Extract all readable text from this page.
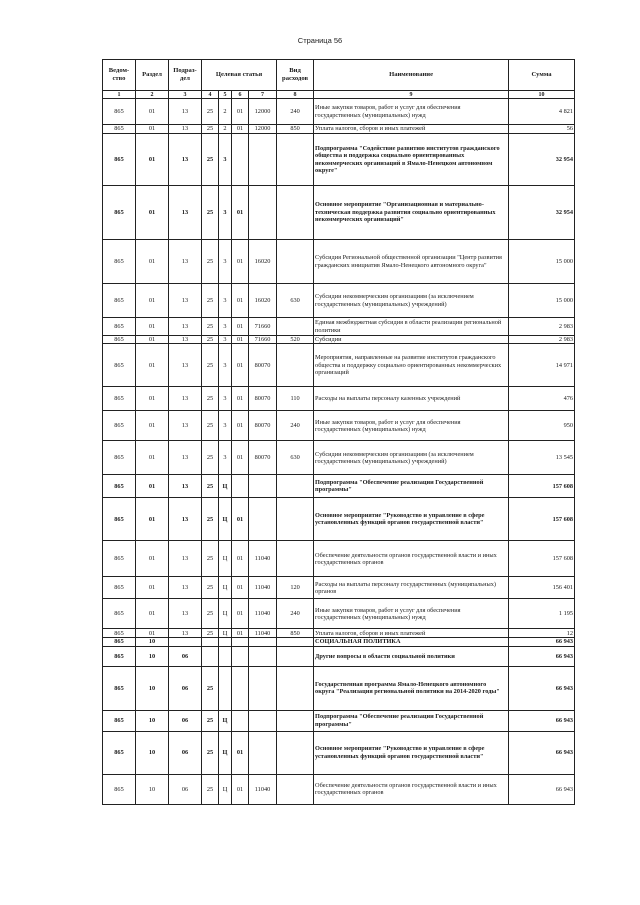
Страница 56
Ведом-ство	Раздел	Подраз-дел	Целевая статья				Вид расходов	Наименование	Сумма
1	2	3	4	5	6	7	8	9	10
865	01	13	25	2	01	12000	240	Иные закупки товаров, работ и услуг для обеспечения государственных (муниципальных) нужд	4 821
865	01	13	25	2	01	12000	850	Уплата налогов, сборов и иных платежей	56
865	01	13	25	3				Подпрограмма "Содействие развитию институтов гражданского общества и поддержка социально ориентированных некоммерческих организаций в Ямало-Ненецком автономном округе"	32 954
865	01	13	25	3	01			Основное мероприятие "Организационная и материально-техническая поддержка развития социально ориентированных некоммерческих организаций"	32 954
865	01	13	25	3	01	16020		Субсидия Региональной общественной организации "Центр развития гражданских инициатив Ямало-Ненецкого автономного округа"	15 000
865	01	13	25	3	01	16020	630	Субсидии некоммерческим организациям (за исключением государственных (муниципальных) учреждений)	15 000
865	01	13	25	3	01	71660		Единая межбюджетная субсидия в области реализации региональной политики	2 983
865	01	13	25	3	01	71660	520	Субсидии	2 983
865	01	13	25	3	01	80070		Мероприятия, направленные на развитие институтов гражданского общества и поддержку социально ориентированных некоммерческих организаций	14 971
865	01	13	25	3	01	80070	110	Расходы на выплаты персоналу казенных учреждений	476
865	01	13	25	3	01	80070	240	Иные закупки товаров, работ и услуг для обеспечения государственных (муниципальных) нужд	950
865	01	13	25	3	01	80070	630	Субсидии некоммерческим организациям (за исключением государственных (муниципальных) учреждений)	13 545
865	01	13	25	Ц				Подпрограмма "Обеспечение реализации Государственной программы"	157 608
865	01	13	25	Ц	01			Основное мероприятие "Руководство и управление в сфере установленных функций органов государственной власти"	157 608
865	01	13	25	Ц	01	11040		Обеспечение деятельности органов государственной власти и иных государственных органов	157 608
865	01	13	25	Ц	01	11040	120	Расходы на выплаты персоналу государственных (муниципальных) органов	156 401
865	01	13	25	Ц	01	11040	240	Иные закупки товаров, работ и услуг для обеспечения государственных (муниципальных) нужд	1 195
865	01	13	25	Ц	01	11040	850	Уплата налогов, сборов и иных платежей	12
865	10							СОЦИАЛЬНАЯ ПОЛИТИКА	66 943
865	10	06						Другие вопросы в области социальной политики	66 943
865	10	06	25					Государственная программа Ямало-Ненецкого автономного округа "Реализация региональной политики на 2014-2020 годы"	66 943
865	10	06	25	Ц				Подпрограмма "Обеспечение реализации Государственной программы"	66 943
865	10	06	25	Ц	01			Основное мероприятие "Руководство и управление в сфере установленных функций органов государственной власти"	66 943
865	10	06	25	Ц	01	11040		Обеспечение деятельности органов государственной власти и иных государственных органов	66 943
